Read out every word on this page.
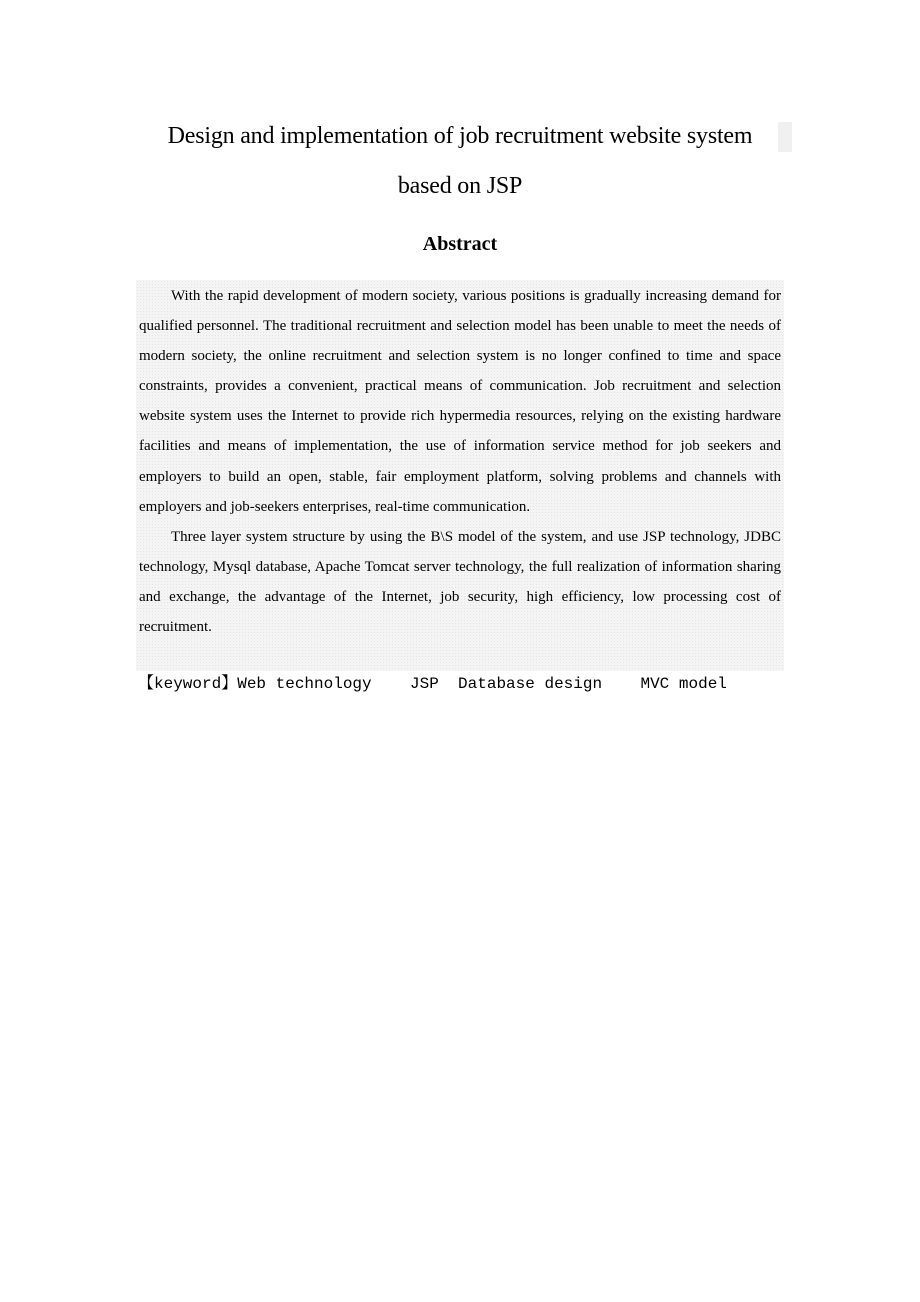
Design and implementation of job recruitment website system
based on JSP
Abstract

With the rapid development of modern society, various positions is gradually increasing demand for qualified personnel. The traditional recruitment and selection model has been unable to meet the needs of modern society, the online recruitment and selection system is no longer confined to time and space constraints, provides a convenient, practical means of communication. Job recruitment and selection website system uses the Internet to provide rich hypermedia resources, relying on the existing hardware facilities and means of implementation, the use of information service method for job seekers and employers to build an open, stable, fair employment platform, solving problems and channels with employers and job-seekers enterprises, real-time communication.

Three layer system structure by using the B\S model of the system, and use JSP technology, JDBC technology, Mysql database, Apache Tomcat server technology, the full realization of information sharing and exchange, the advantage of the Internet, job security, high efficiency, low processing cost of recruitment.

【keyword】Web technology    JSP  Database design    MVC model
